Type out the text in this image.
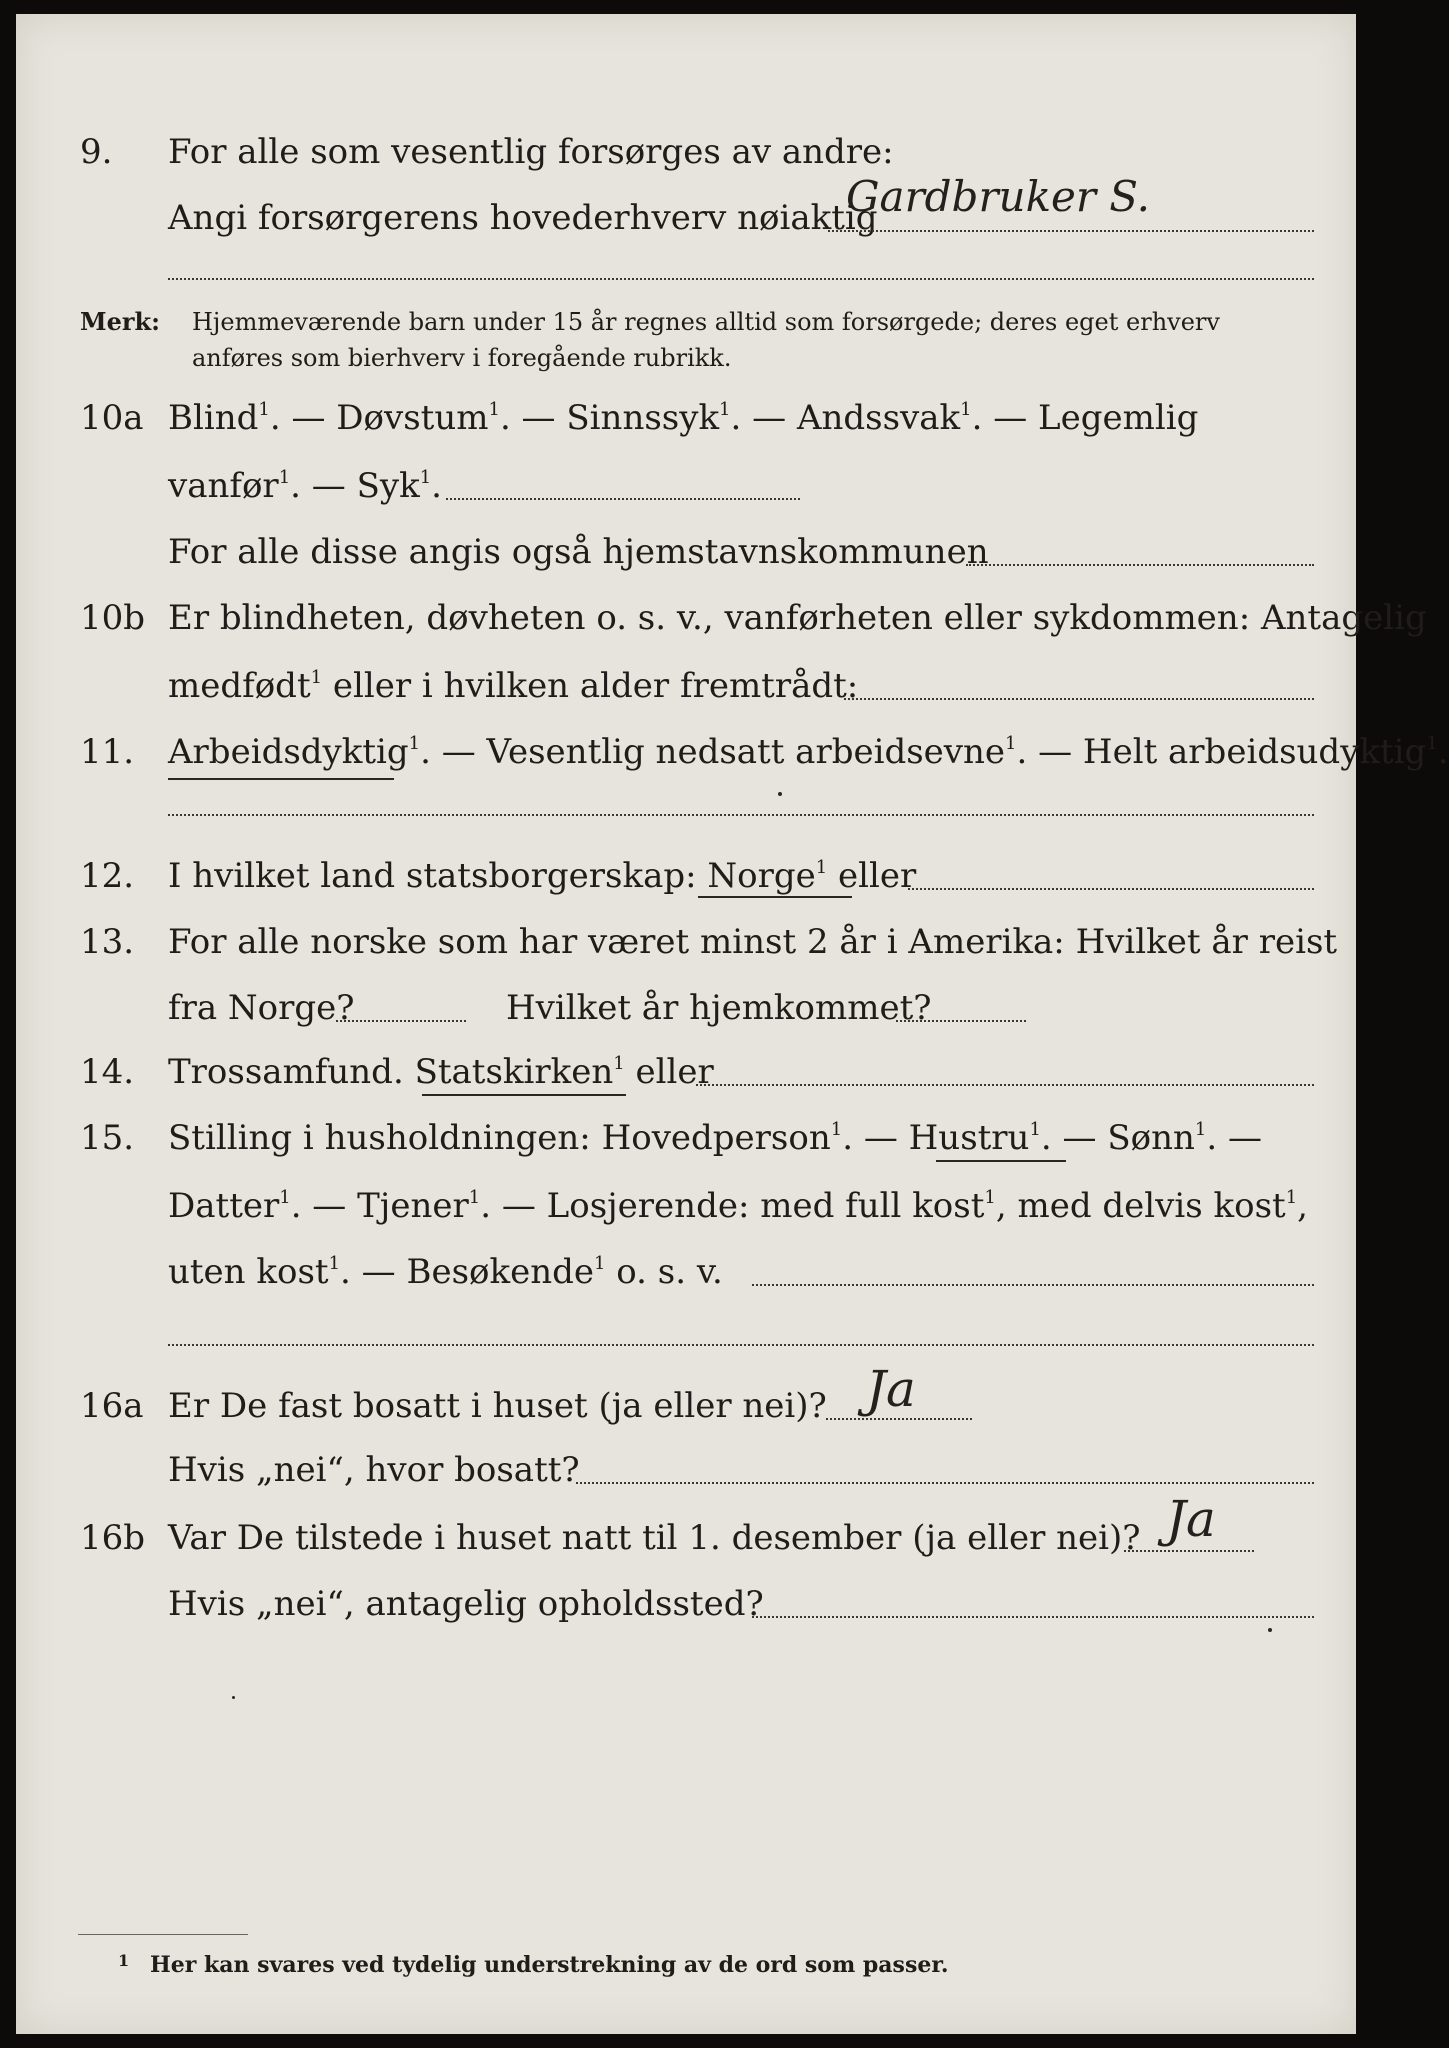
9. For alle som vesentlig forsørges av andre:
Angi forsørgerens hovederhverv nøiaktig
Gardbruker S.
Merk: Hjemmeværende barn under 15 år regnes alltid som forsørgede; deres eget erhverv
anføres som bierhverv i foregående rubrikk.
10a Blind$^1$. — Døvstum$^1$. — Sinnssyk$^1$. — Andssvak$^1$. — Legemlig
vanfør$^1$. — Syk$^1$.
For alle disse angis også hjemstavnskommunen
10b Er blindheten, døvheten o. s. v., vanførheten eller sykdommen: Antagelig
medfødt$^1$ eller i hvilken alder fremtrådt:
11. Arbeidsdyktig$^1$. — Vesentlig nedsatt arbeidsevne$^1$. — Helt arbeidsudyktig$^1$.
12. I hvilket land statsborgerskap: Norge$^1$ eller
13. For alle norske som har været minst 2 år i Amerika: Hvilket år reist
fra Norge?	Hvilket år hjemkommet?
14. Trossamfund. Statskirken$^1$ eller
15. Stilling i husholdningen: Hovedperson$^1$. — Hustru$^1$. — Sønn$^1$. —
Datter$^1$. — Tjener$^1$. — Losjerende: med full kost$^1$, med delvis kost$^1$,
uten kost$^1$. — Besøkende$^1$ o. s. v.
16a Er De fast bosatt i huset (ja eller nei)? Ja
Hvis „nei“, hvor bosatt?
16b Var De tilstede i huset natt til 1. desember (ja eller nei)? Ja
Hvis „nei“, antagelig opholdssted?
1 Her kan svares ved tydelig understrekning av de ord som passer.
